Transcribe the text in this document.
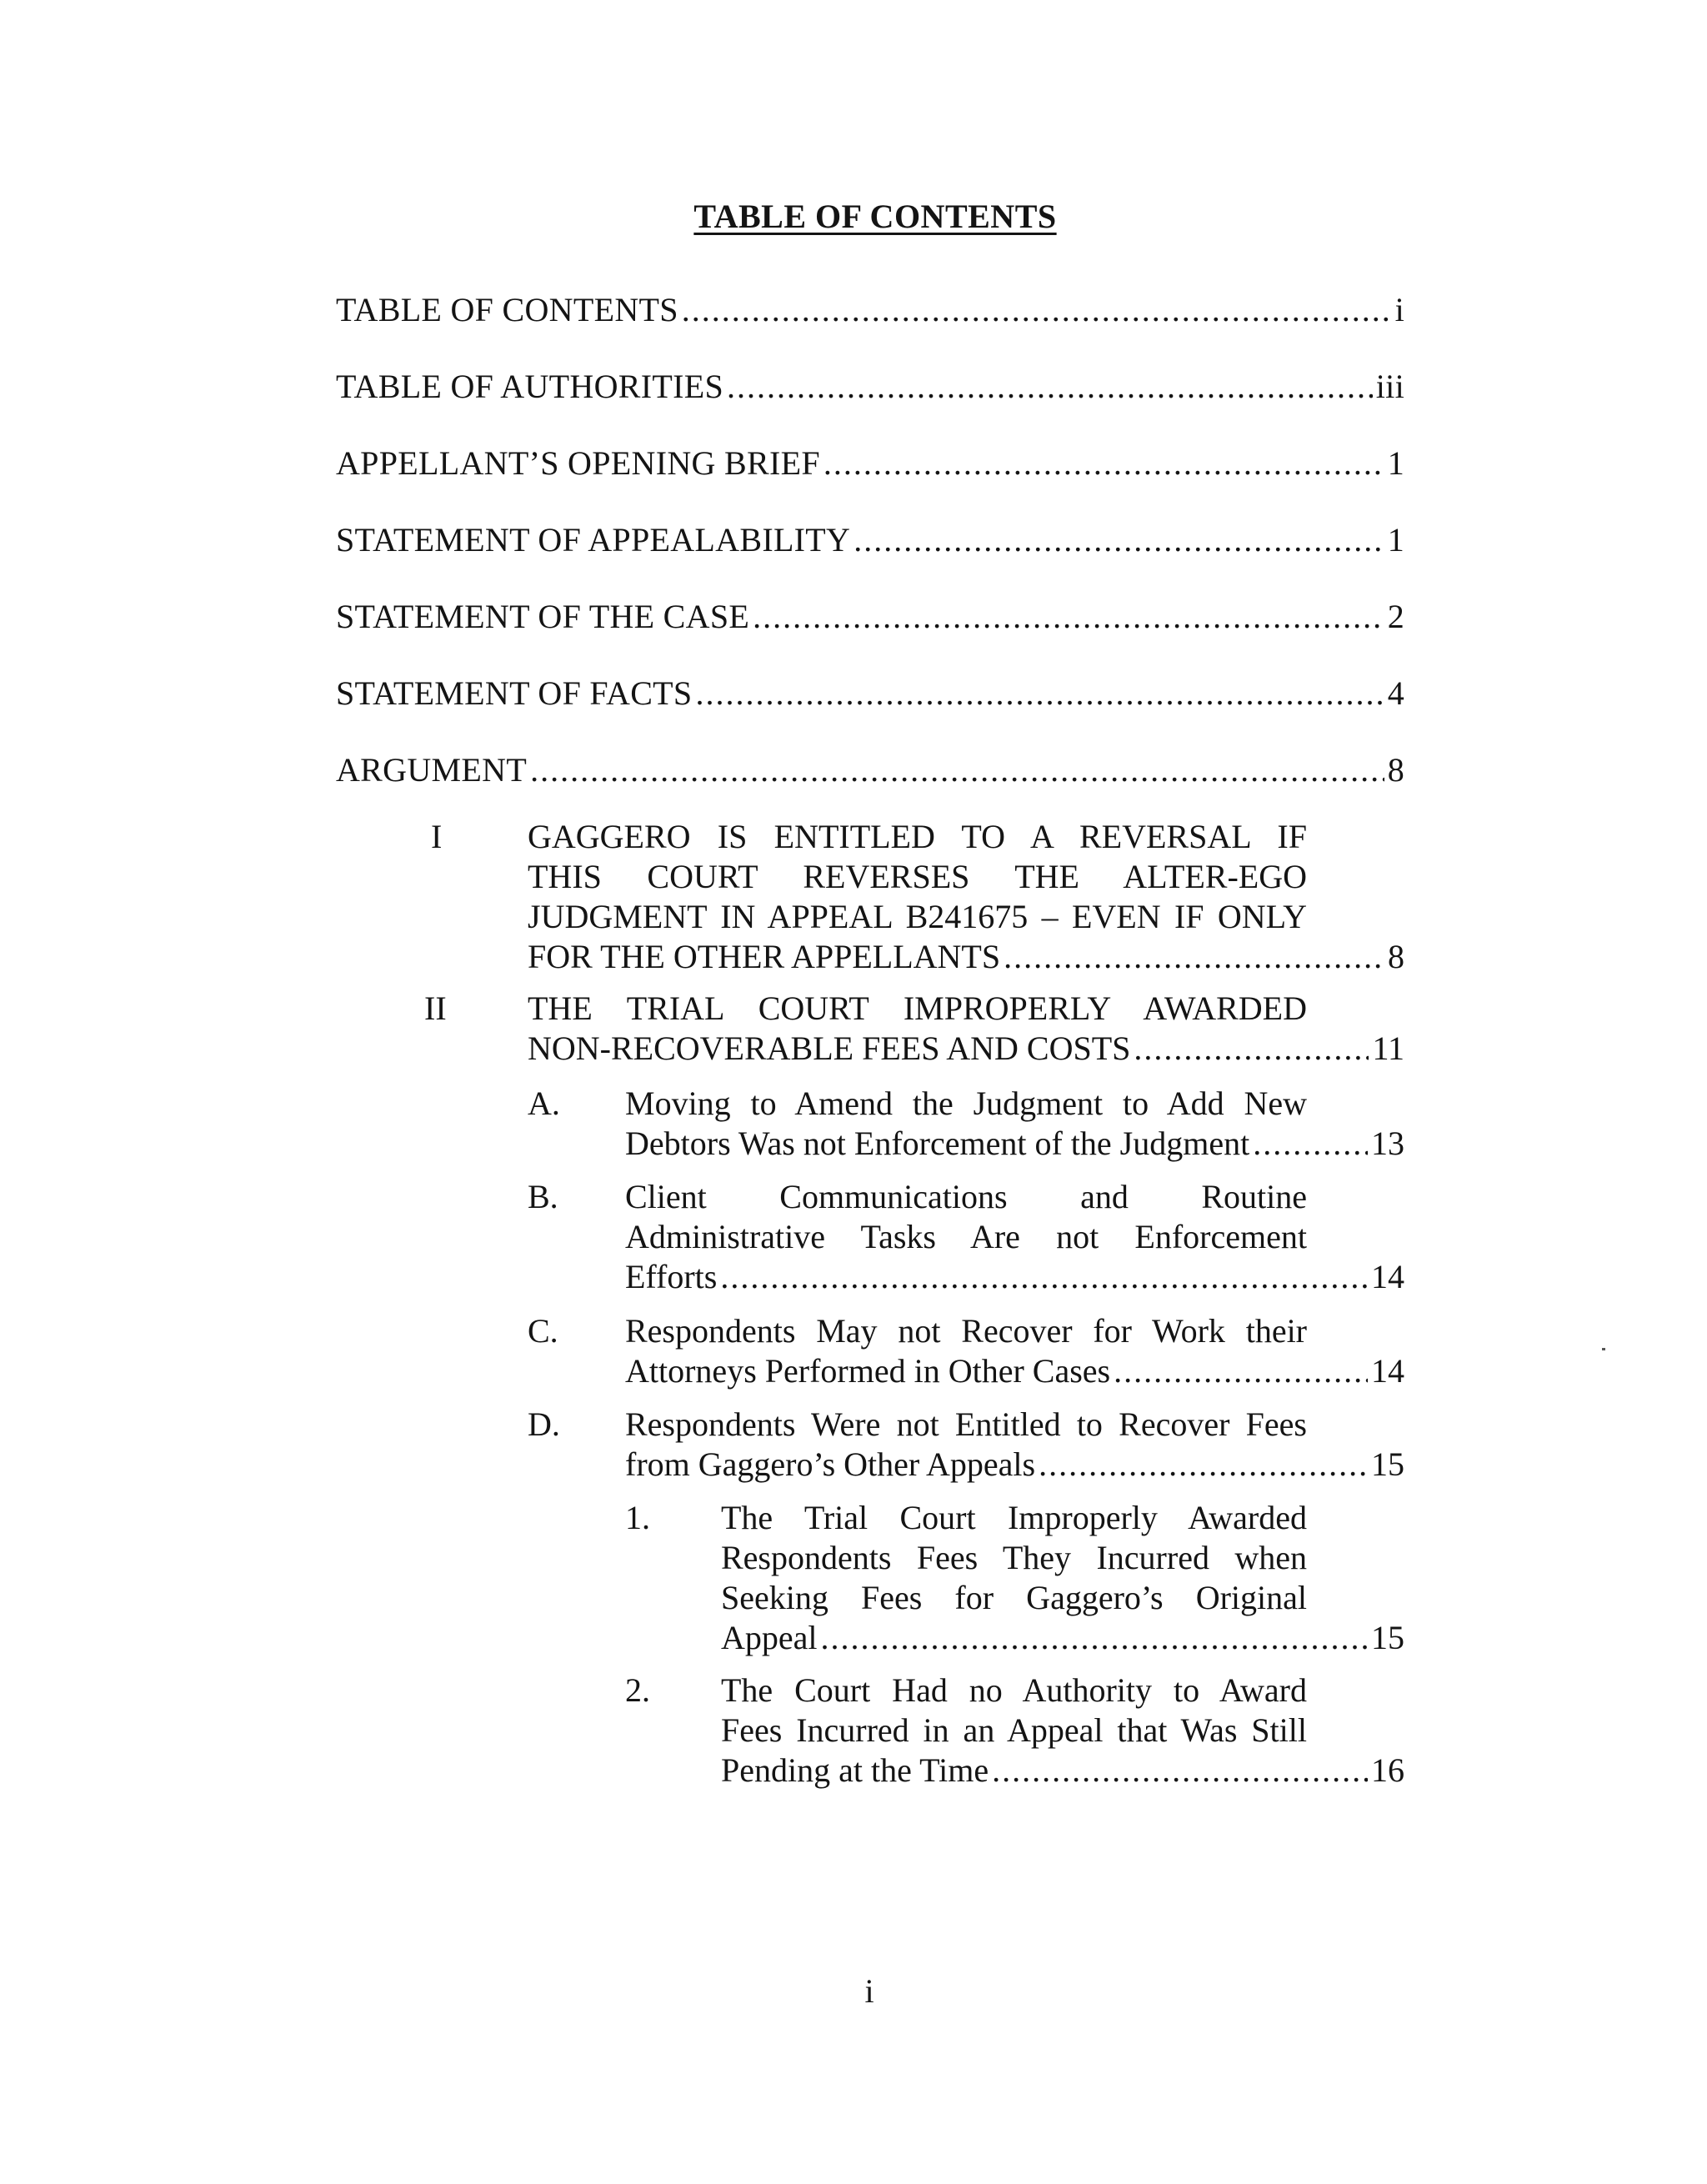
TABLE OF CONTENTS
TABLE OF CONTENTS .....	i
TABLE OF AUTHORITIES .....	iii
APPELLANT’S OPENING BRIEF .....	1
STATEMENT OF APPEALABILITY .....	1
STATEMENT OF THE CASE .....	2
STATEMENT OF FACTS .....	4
ARGUMENT .....	8
I	GAGGERO IS ENTITLED TO A REVERSAL IF
THIS COURT REVERSES THE ALTER-EGO
JUDGMENT IN APPEAL B241675 – EVEN IF ONLY
FOR THE OTHER APPELLANTS .....	8
II THE TRIAL COURT IMPROPERLY AWARDED
NON-RECOVERABLE FEES AND COSTS .....	11
A. Moving to Amend the Judgment to Add New
Debtors Was not Enforcement of the Judgment .....	13
B. Client Communications and Routine
Administrative Tasks Are not Enforcement
Efforts .....	14
C. Respondents May not Recover for Work their
Attorneys Performed in Other Cases .....	14
D. Respondents Were not Entitled to Recover Fees
from Gaggero’s Other Appeals .....	15
1. The Trial Court Improperly Awarded
Respondents Fees They Incurred when
Seeking Fees for Gaggero’s Original
Appeal .....	15
2. The Court Had no Authority to Award
Fees Incurred in an Appeal that Was Still
Pending at the Time .....	16
i
